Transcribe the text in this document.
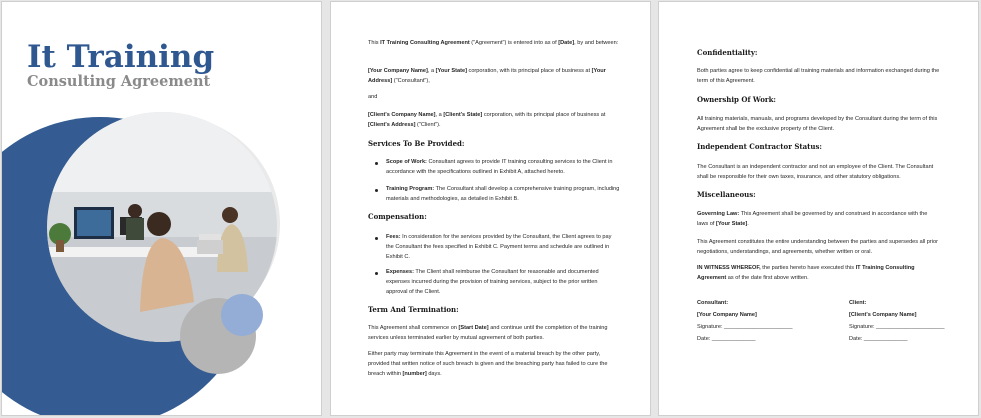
It Training
Consulting Agreement

This IT Training Consulting Agreement ("Agreement") is entered into as of [Date], by and between:

[Your Company Name], a [Your State] corporation, with its principal place of business at [Your Address] ("Consultant"),

and

[Client's Company Name], a [Client's State] corporation, with its principal place of business at [Client's Address] ("Client").

Services To Be Provided:

Scope of Work: Consultant agrees to provide IT training consulting services to the Client in accordance with the specifications outlined in Exhibit A, attached hereto.

Training Program: The Consultant shall develop a comprehensive training program, including materials and methodologies, as detailed in Exhibit B.

Compensation:

Fees: In consideration for the services provided by the Consultant, the Client agrees to pay the Consultant the fees specified in Exhibit C. Payment terms and schedule are outlined in Exhibit C.

Expenses: The Client shall reimburse the Consultant for reasonable and documented expenses incurred during the provision of training services, subject to the prior written approval of the Client.

Term And Termination:

This Agreement shall commence on [Start Date] and continue until the completion of the training services unless terminated earlier by mutual agreement of both parties.

Either party may terminate this Agreement in the event of a material breach by the other party, provided that written notice of such breach is given and the breaching party has failed to cure the breach within [number] days.

Confidentiality:

Both parties agree to keep confidential all training materials and information exchanged during the term of this Agreement.

Ownership Of Work:

All training materials, manuals, and programs developed by the Consultant during the term of this Agreement shall be the exclusive property of the Client.

Independent Contractor Status:

The Consultant is an independent contractor and not an employee of the Client. The Consultant shall be responsible for their own taxes, insurance, and other statutory obligations.

Miscellaneous:

Governing Law: This Agreement shall be governed by and construed in accordance with the laws of [Your State].

This Agreement constitutes the entire understanding between the parties and supersedes all prior negotiations, understandings, and agreements, whether written or oral.

IN WITNESS WHEREOF, the parties hereto have executed this IT Training Consulting Agreement as of the date first above written.

Consultant:

[Your Company Name]

Signature: ______________________

Date: ______________

Client:

[Client's Company Name]

Signature: ______________________

Date: ______________
